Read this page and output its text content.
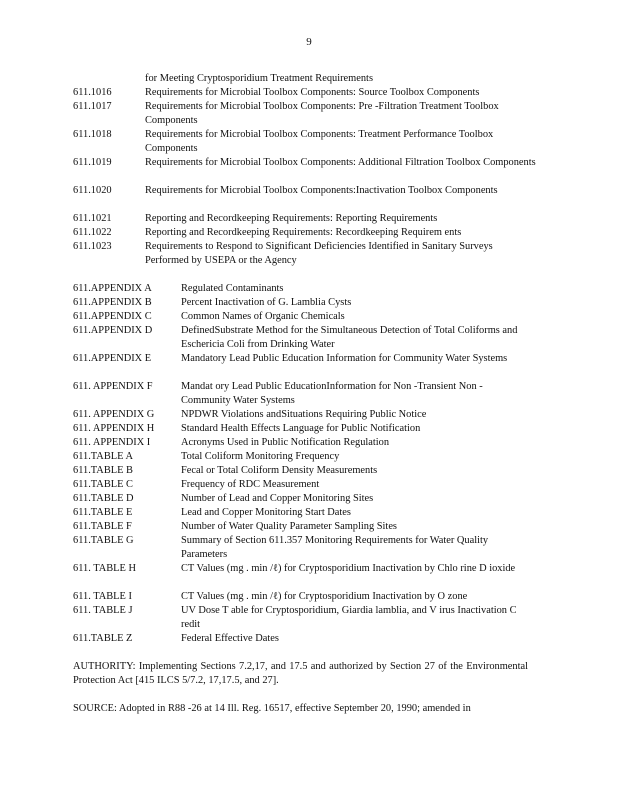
9
for Meeting Cryptosporidium Treatment Requirements
611.1016	Requirements for Microbial Toolbox Components: Source Toolbox Components
611.1017	Requirements for Microbial Toolbox Components: Pre -Filtration Treatment Toolbox Components
611.1018	Requirements for Microbial Toolbox Components: Treatment Performance Toolbox Components
611.1019	Requirements for Microbial Toolbox Components: Additional Filtration Toolbox Components
611.1020	Requirements for Microbial Toolbox Components:Inactivation Toolbox Components
611.1021	Reporting and Recordkeeping Requirements: Reporting Requirements
611.1022	Reporting and Recordkeeping Requirements: Recordkeeping Requirem ents
611.1023	Requirements to Respond to Significant Deficiencies Identified in Sanitary Surveys Performed by USEPA or the Agency
611.APPENDIX A	Regulated Contaminants
611.APPENDIX B	Percent Inactivation of G. Lamblia Cysts
611.APPENDIX C	Common Names of Organic Chemicals
611.APPENDIX D	DefinedSubstrate Method for the Simultaneous Detection of Total Coliforms and Eschericia Coli from Drinking Water
611.APPENDIX E	Mandatory Lead Public Education Information for Community Water Systems
611. APPENDIX F	Mandat ory Lead Public EducationInformation for Non -Transient Non -Community Water Systems
611. APPENDIX G	NPDWR Violations andSituations Requiring Public Notice
611. APPENDIX H	Standard Health Effects Language for Public Notification
611. APPENDIX I	Acronyms Used in Public Notification Regulation
611.TABLE A	Total Coliform Monitoring Frequency
611.TABLE B	Fecal or Total Coliform Density Measurements
611.TABLE C	Frequency of RDC Measurement
611.TABLE D	Number of Lead and Copper Monitoring Sites
611.TABLE E	Lead and Copper Monitoring Start Dates
611.TABLE F	Number of Water Quality Parameter Sampling Sites
611.TABLE G	Summary of Section 611.357 Monitoring Requirements for Water Quality Parameters
611. TABLE H	CT Values (mg . min /ℓ) for Cryptosporidium Inactivation by Chlo rine D ioxide
611. TABLE I	CT Values (mg . min /ℓ) for Cryptosporidium Inactivation by O zone
611. TABLE J	UV Dose T able for Cryptosporidium, Giardia lamblia, and V irus Inactivation C redit
611.TABLE Z	Federal Effective Dates
AUTHORITY: Implementing Sections 7.2,17, and 17.5 and authorized by Section 27 of the Environmental Protection Act [415 ILCS 5/7.2, 17,17.5, and 27].
SOURCE: Adopted in R88 -26 at 14 Ill. Reg. 16517, effective September 20, 1990; amended in
